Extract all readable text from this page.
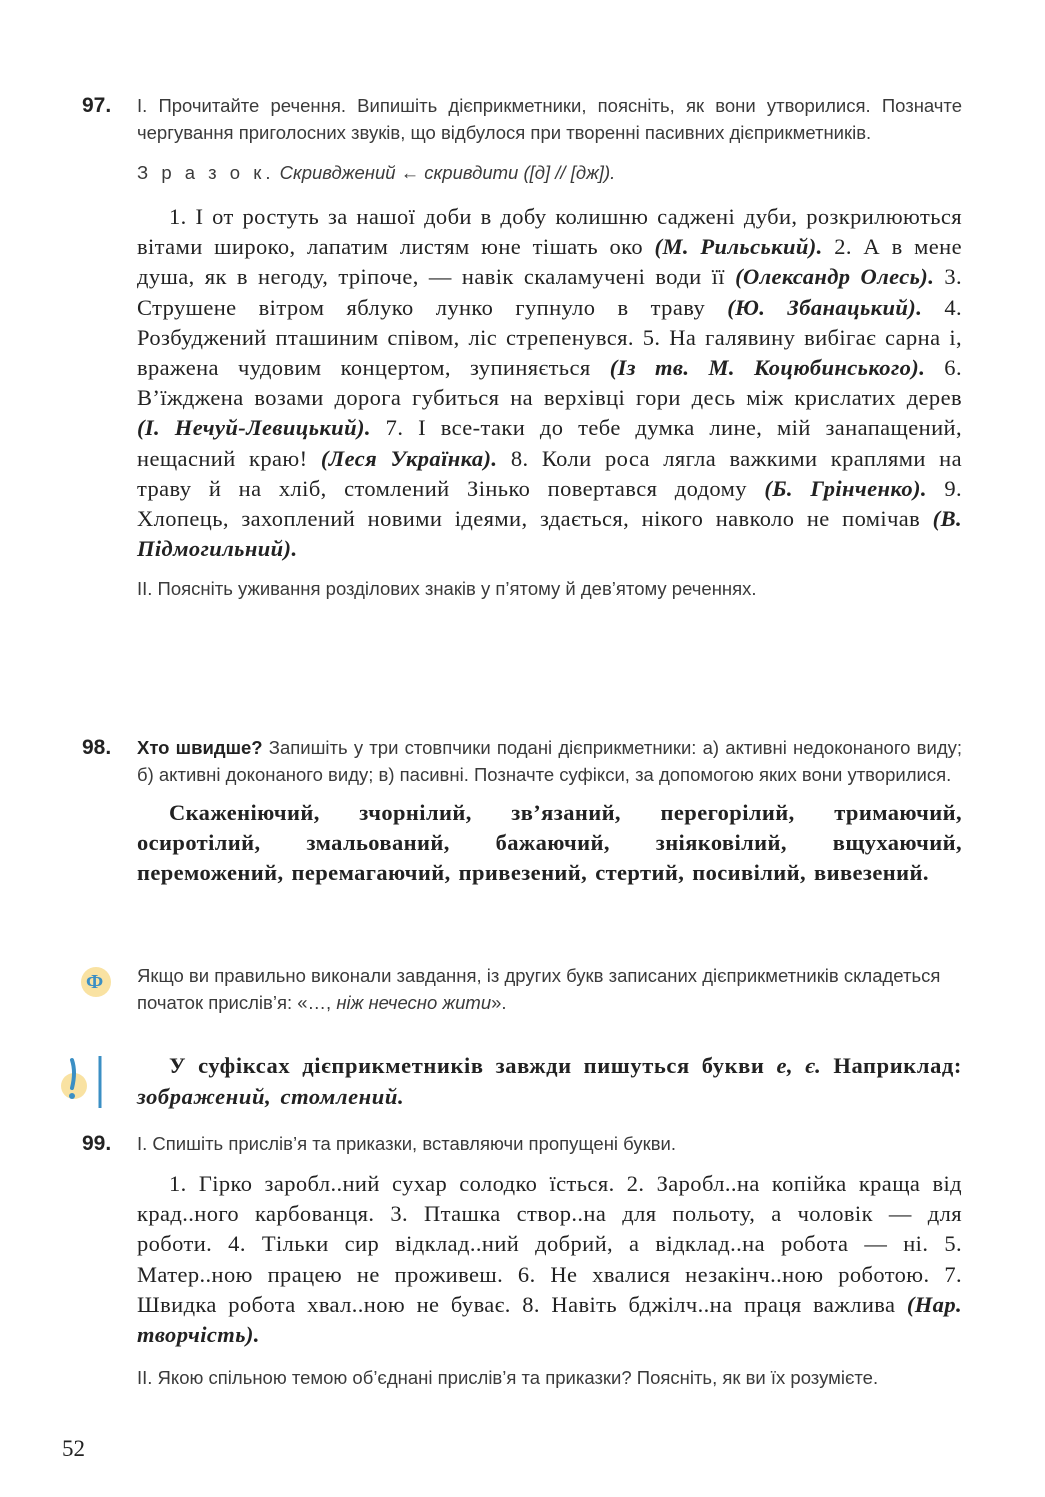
97. І. Прочитайте речення. Випишіть дієприкметники, поясніть, як вони утворилися. Позначте чергування приголосних звуків, що відбулося при творенні пасивних дієприкметників.
З р а з о к. Скривджений ← скривдити ([д] // [дж]).
1. І от ростуть за нашої доби в добу колишню саджені дуби, розкрилюються вітами широко, лапатим листям юне тішать око (М. Рильський). 2. А в мене душа, як в негоду, тріпоче, — навік скаламучені води її (Олександр Олесь). 3. Струшене вітром яблуко лунко гупнуло в траву (Ю. Збанацький). 4. Розбуджений пташиним співом, ліс стрепенувся. 5. На галявину вибігає сарна і, вражена чудовим концертом, зупиняється (Із тв. М. Коцюбинського). 6. В’їжджена возами дорога губиться на верхівці гори десь між крислатих дерев (І. Нечуй-Левицький). 7. І все-таки до тебе думка лине, мій занапащений, нещасний краю! (Леся Українка). 8. Коли роса лягла важкими краплями на траву й на хліб, стомлений Зінько повертався додому (Б. Грінченко). 9. Хлопець, захоплений новими ідеями, здається, нікого навколо не помічав (В. Підмогильний).
ІІ. Поясніть уживання розділових знаків у п’ятому й дев’ятому реченнях.
98. Хто швидше? Запишіть у три стовпчики подані дієприкметники: а) активні недоконаного виду; б) активні доконаного виду; в) пасивні. Позначте суфікси, за допомогою яких вони утворилися.
Скаженіючий, зчорнілий, зв’язаний, перегорілий, тримаючий, осиротілий, змальований, бажаючий, зніяковілий, вщухаючий, переможений, перемагаючий, привезений, стертий, посивілий, вивезений.
Ф Якщо ви правильно виконали завдання, із других букв записаних дієприкметників складеться початок прислів’я: «…, ніж нечесно жити».
У суфіксах дієприкметників завжди пишуться букви е, є. Наприклад: зображений, стомлений.
99. І. Спишіть прислів’я та приказки, вставляючи пропущені букви.
1. Гірко заробл..ний сухар солодко їсться. 2. Заробл..на копійка краща від крад..ного карбованця. 3. Пташка створ..на для польоту, а чоловік — для роботи. 4. Тільки сир відклад..ний добрий, а відклад..на робота — ні. 5. Матер..ною працею не проживеш. 6. Не хвалися незакінч..ною роботою. 7. Швидка робота хвал..ною не буває. 8. Навіть бджілч..на праця важлива (Нар. творчість).
ІІ. Якою спільною темою об’єднані прислів’я та приказки? Поясніть, як ви їх розумієте.
52
